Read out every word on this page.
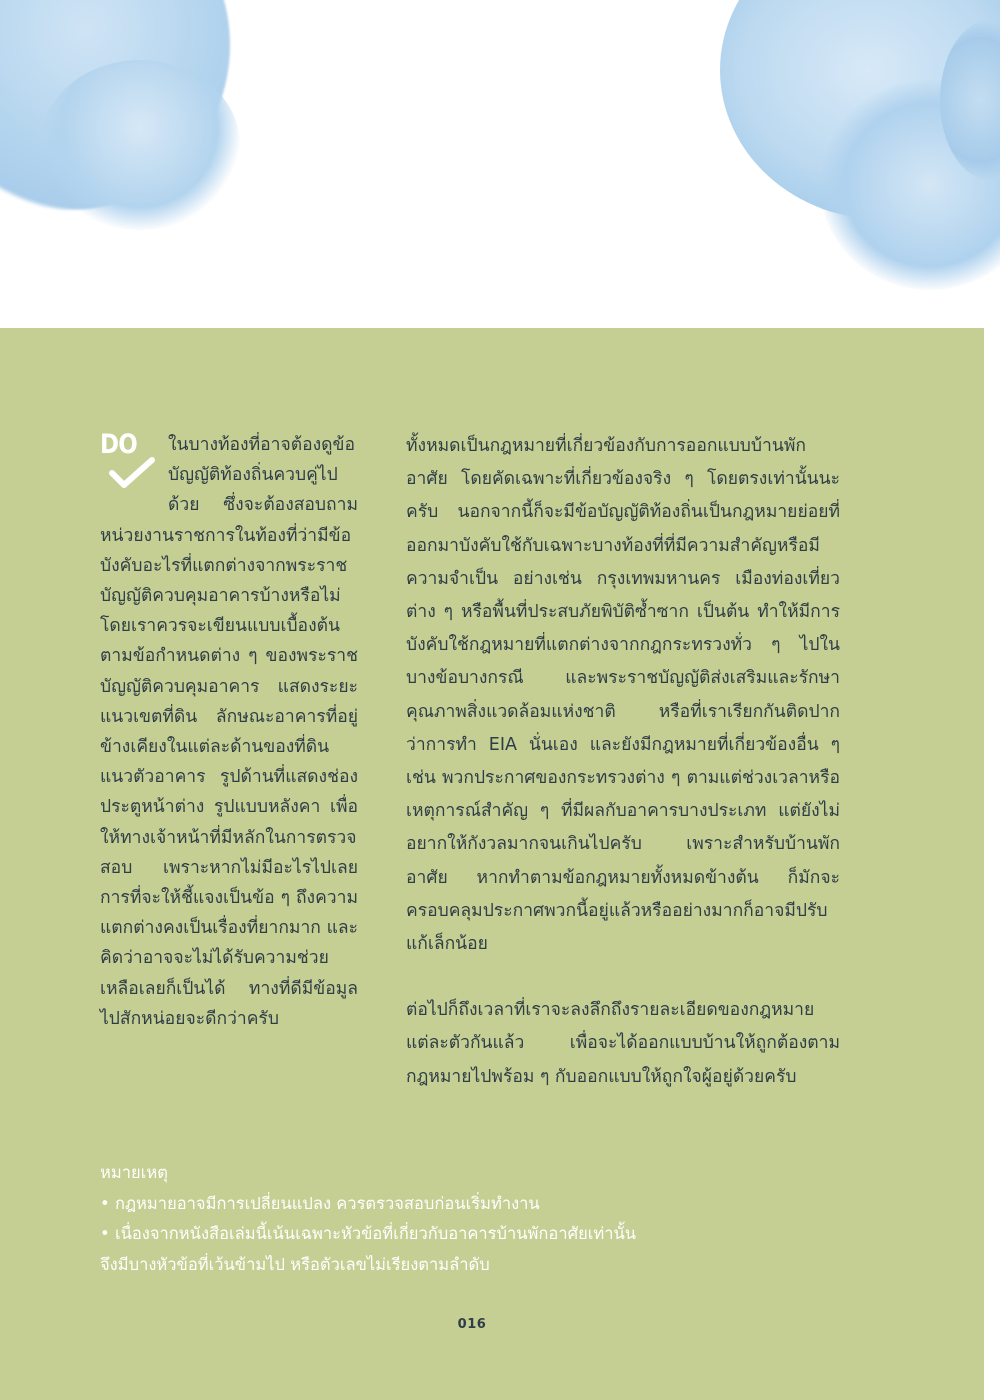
DO ในบางท้องที่อาจต้องดูข้อบัญญัติท้องถิ่นควบคู่ไปด้วย ซึ่งจะต้องสอบถามหน่วยงานราชการในท้องที่ว่ามีข้อบังคับอะไรที่แตกต่างจากพระราชบัญญัติควบคุมอาคารบ้างหรือไม่ โดยเราควรจะเขียนแบบเบื้องต้นตามข้อกำหนดต่าง ๆ ของพระราชบัญญัติควบคุมอาคาร แสดงระยะแนวเขตที่ดิน ลักษณะอาคารที่อยู่ข้างเคียงในแต่ละด้านของที่ดิน แนวตัวอาคาร รูปด้านที่แสดงช่องประตูหน้าต่าง รูปแบบหลังคา เพื่อให้ทางเจ้าหน้าที่มีหลักในการตรวจสอบ เพราะหากไม่มีอะไรไปเลย การที่จะให้ชี้แจงเป็นข้อ ๆ ถึงความแตกต่างคงเป็นเรื่องที่ยากมาก และคิดว่าอาจจะไม่ได้รับความช่วยเหลือเลยก็เป็นได้ ทางที่ดีมีข้อมูลไปสักหน่อยจะดีกว่าครับ

ทั้งหมดเป็นกฎหมายที่เกี่ยวข้องกับการออกแบบบ้านพักอาศัย โดยคัดเฉพาะที่เกี่ยวข้องจริง ๆ โดยตรงเท่านั้นนะครับ นอกจากนี้ก็จะมีข้อบัญญัติท้องถิ่นเป็นกฎหมายย่อยที่ออกมาบังคับใช้กับเฉพาะบางท้องที่ที่มีความสำคัญหรือมีความจำเป็น อย่างเช่น กรุงเทพมหานคร เมืองท่องเที่ยวต่าง ๆ หรือพื้นที่ประสบภัยพิบัติซ้ำซาก เป็นต้น ทำให้มีการบังคับใช้กฎหมายที่แตกต่างจากกฎกระทรวงทั่ว ๆ ไปในบางข้อบางกรณี และพระราชบัญญัติส่งเสริมและรักษาคุณภาพสิ่งแวดล้อมแห่งชาติ หรือที่เราเรียกกันติดปากว่าการทำ EIA นั่นเอง และยังมีกฎหมายที่เกี่ยวข้องอื่น ๆ เช่น พวกประกาศของกระทรวงต่าง ๆ ตามแต่ช่วงเวลาหรือเหตุการณ์สำคัญ ๆ ที่มีผลกับอาคารบางประเภท แต่ยังไม่อยากให้กังวลมากจนเกินไปครับ เพราะสำหรับบ้านพักอาศัย หากทำตามข้อกฎหมายทั้งหมดข้างต้น ก็มักจะครอบคลุมประกาศพวกนี้อยู่แล้วหรืออย่างมากก็อาจมีปรับแก้เล็กน้อย

ต่อไปก็ถึงเวลาที่เราจะลงลึกถึงรายละเอียดของกฎหมายแต่ละตัวกันแล้ว เพื่อจะได้ออกแบบบ้านให้ถูกต้องตามกฎหมายไปพร้อม ๆ กับออกแบบให้ถูกใจผู้อยู่ด้วยครับ

หมายเหตุ
• กฎหมายอาจมีการเปลี่ยนแปลง ควรตรวจสอบก่อนเริ่มทำงาน
• เนื่องจากหนังสือเล่มนี้เน้นเฉพาะหัวข้อที่เกี่ยวกับอาคารบ้านพักอาศัยเท่านั้น
จึงมีบางหัวข้อที่เว้นข้ามไป หรือตัวเลขไม่เรียงตามลำดับ
016
